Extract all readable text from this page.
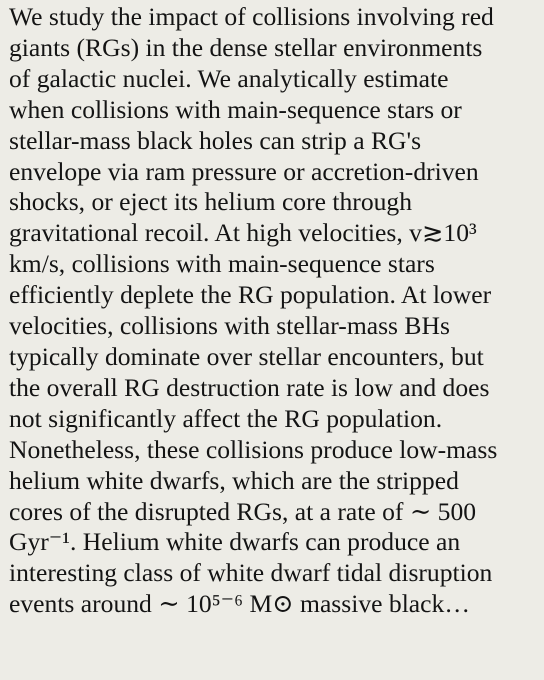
We study the impact of collisions involving red
giants (RGs) in the dense stellar environments
of galactic nuclei. We analytically estimate
when collisions with main-sequence stars or
stellar-mass black holes can strip a RG's
envelope via ram pressure or accretion-driven
shocks, or eject its helium core through
gravitational recoil. At high velocities, v≳10³
km/s, collisions with main-sequence stars
efficiently deplete the RG population. At lower
velocities, collisions with stellar-mass BHs
typically dominate over stellar encounters, but
the overall RG destruction rate is low and does
not significantly affect the RG population.
Nonetheless, these collisions produce low-mass
helium white dwarfs, which are the stripped
cores of the disrupted RGs, at a rate of ∼ 500
Gyr⁻¹. Helium white dwarfs can produce an
interesting class of white dwarf tidal disruption
events around ∼ 10⁵⁻⁶ M⊙ massive black…
